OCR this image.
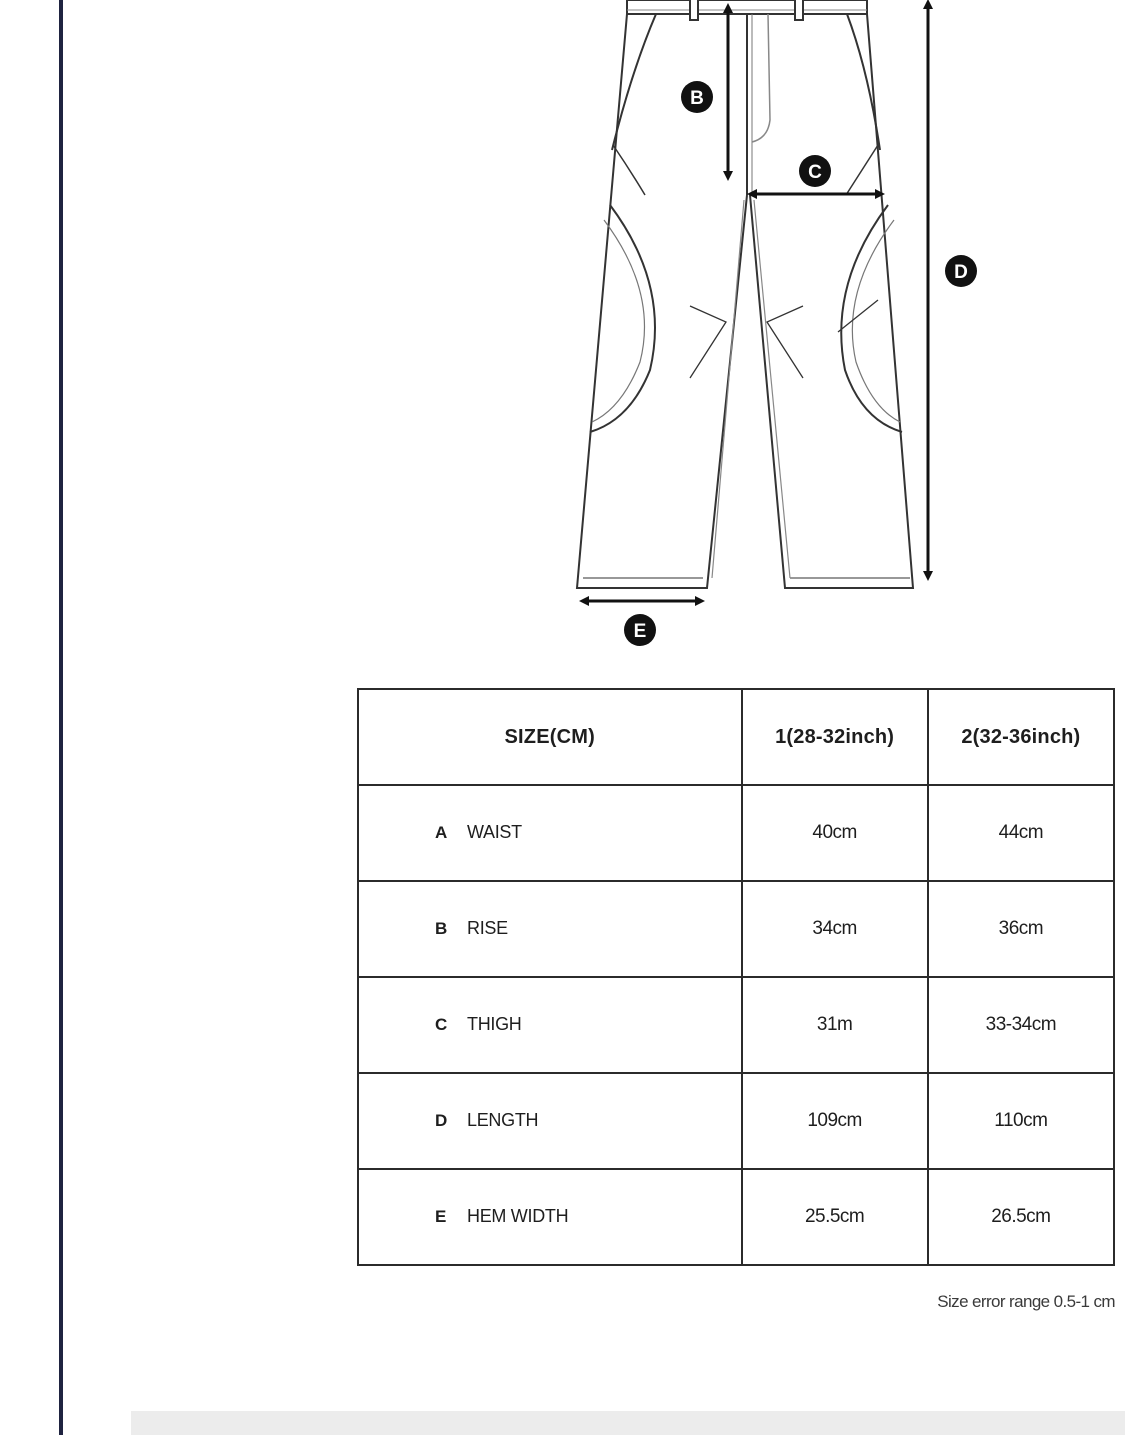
B
C
D
E
SIZE(CM)	1(28-32inch)	2(32-36inch)
A WAIST	40cm	44cm
B RISE	34cm	36cm
C THIGH	31m	33-34cm
D LENGTH	109cm	110cm
E HEM WIDTH	25.5cm	26.5cm
Size error range 0.5-1 cm
